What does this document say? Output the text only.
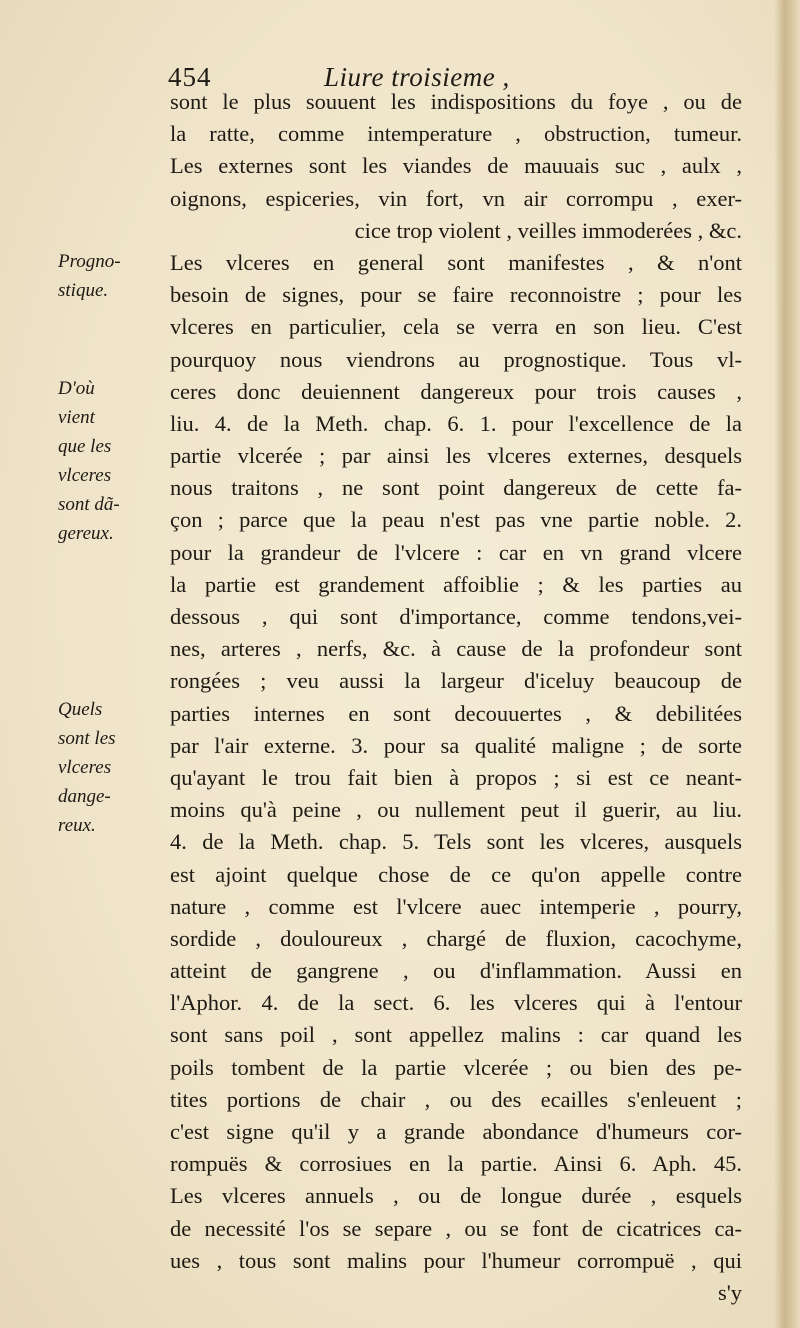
454	Liure troisieme ,
Progno-
stique.
D'où
vient
que les
vlceres
sont dã-
gereux.
Quels
sont les
vlceres
dange-
reux.
sont le plus souuent les indispositions du foye , ou de
la ratte, comme intemperature , obstruction, tumeur.
Les externes sont les viandes de mauuais suc , aulx ,
oignons, espiceries, vin fort, vn air corrompu , exer-
cice trop violent , veilles immoderées , &c.
Les vlceres en general sont manifestes , & n'ont
besoin de signes, pour se faire reconnoistre ; pour les
vlceres en particulier, cela se verra en son lieu. C'est
pourquoy nous viendrons au prognostique. Tous vl-
ceres donc deuiennent dangereux pour trois causes ,
liu. 4. de la Meth. chap. 6. 1. pour l'excellence de la
partie vlcerée ; par ainsi les vlceres externes, desquels
nous traitons , ne sont point dangereux de cette fa-
çon ; parce que la peau n'est pas vne partie noble. 2.
pour la grandeur de l'vlcere : car en vn grand vlcere
la partie est grandement affoiblie ; & les parties au
dessous , qui sont d'importance, comme tendons,vei-
nes, arteres , nerfs, &c. à cause de la profondeur sont
rongées ; veu aussi la largeur d'iceluy beaucoup de
parties internes en sont decouuertes , & debilitées
par l'air externe. 3. pour sa qualité maligne ; de sorte
qu'ayant le trou fait bien à propos ; si est ce neant-
moins qu'à peine , ou nullement peut il guerir, au liu.
4. de la Meth. chap. 5. Tels sont les vlceres, ausquels
est ajoint quelque chose de ce qu'on appelle contre
nature , comme est l'vlcere auec intemperie , pourry,
sordide , douloureux , chargé de fluxion, cacochyme,
atteint de gangrene , ou d'inflammation. Aussi en
l'Aphor. 4. de la sect. 6. les vlceres qui à l'entour
sont sans poil , sont appellez malins : car quand les
poils tombent de la partie vlcerée ; ou bien des pe-
tites portions de chair , ou des ecailles s'enleuent ;
c'est signe qu'il y a grande abondance d'humeurs cor-
rompuës & corrosiues en la partie. Ainsi 6. Aph. 45.
Les vlceres annuels , ou de longue durée , esquels
de necessité l'os se separe , ou se font de cicatrices ca-
ues , tous sont malins pour l'humeur corrompuë , qui
s'y
